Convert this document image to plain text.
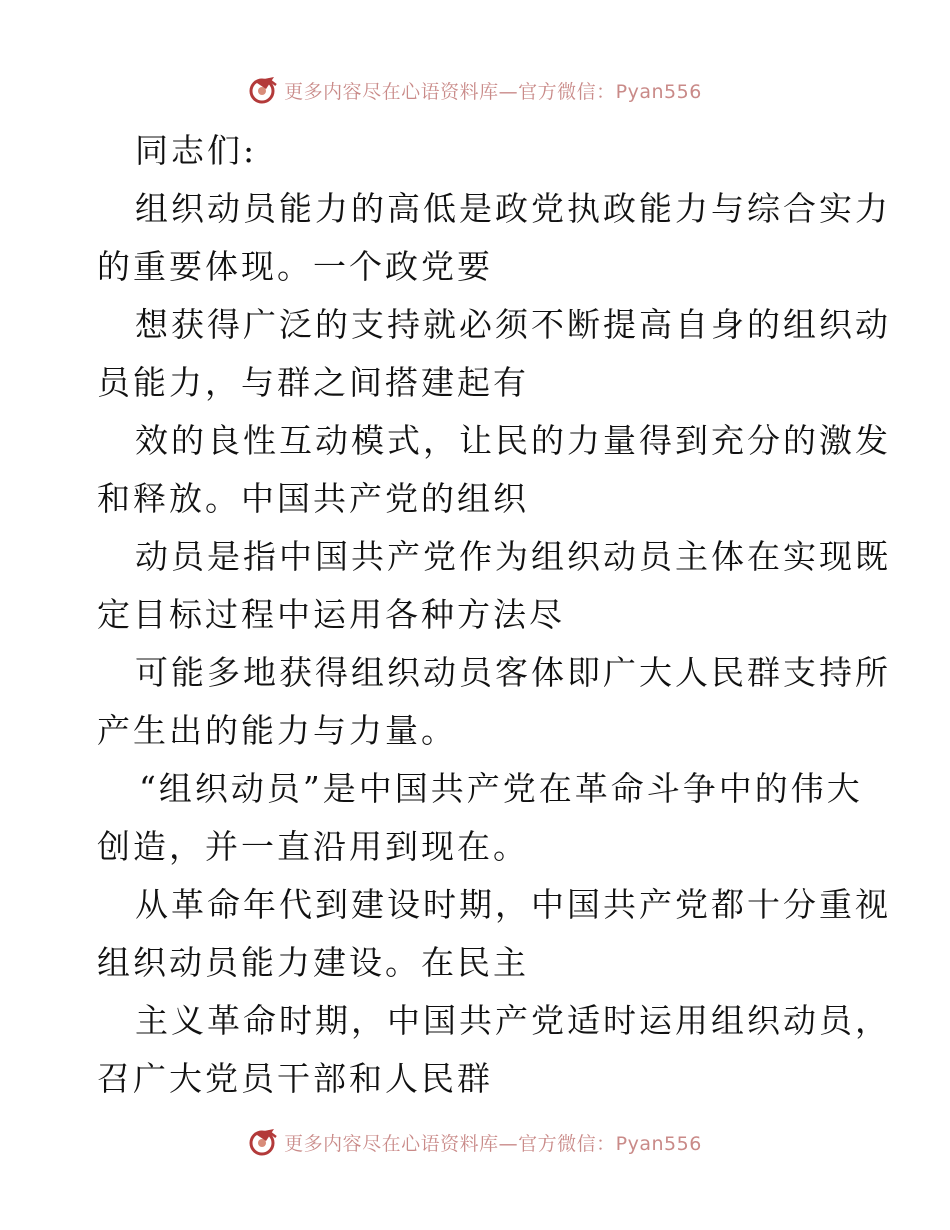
更多内容尽在心语资料库—官方微信：Pyan556
同志们:
组织动员能力的高低是政党执政能力与综合实力
的重要体现。一个政党要
想获得广泛的支持就必须不断提高自身的组织动
员能力，与群之间搭建起有
效的良性互动模式，让民的力量得到充分的激发
和释放。中国共产党的组织
动员是指中国共产党作为组织动员主体在实现既
定目标过程中运用各种方法尽
可能多地获得组织动员客体即广大人民群支持所
产生出的能力与力量。
“组织动员”是中国共产党在革命斗争中的伟大
创造，并一直沿用到现在。
从革命年代到建设时期，中国共产党都十分重视
组织动员能力建设。在民主
主义革命时期，中国共产党适时运用组织动员，
召广大党员干部和人民群
更多内容尽在心语资料库—官方微信：Pyan556
